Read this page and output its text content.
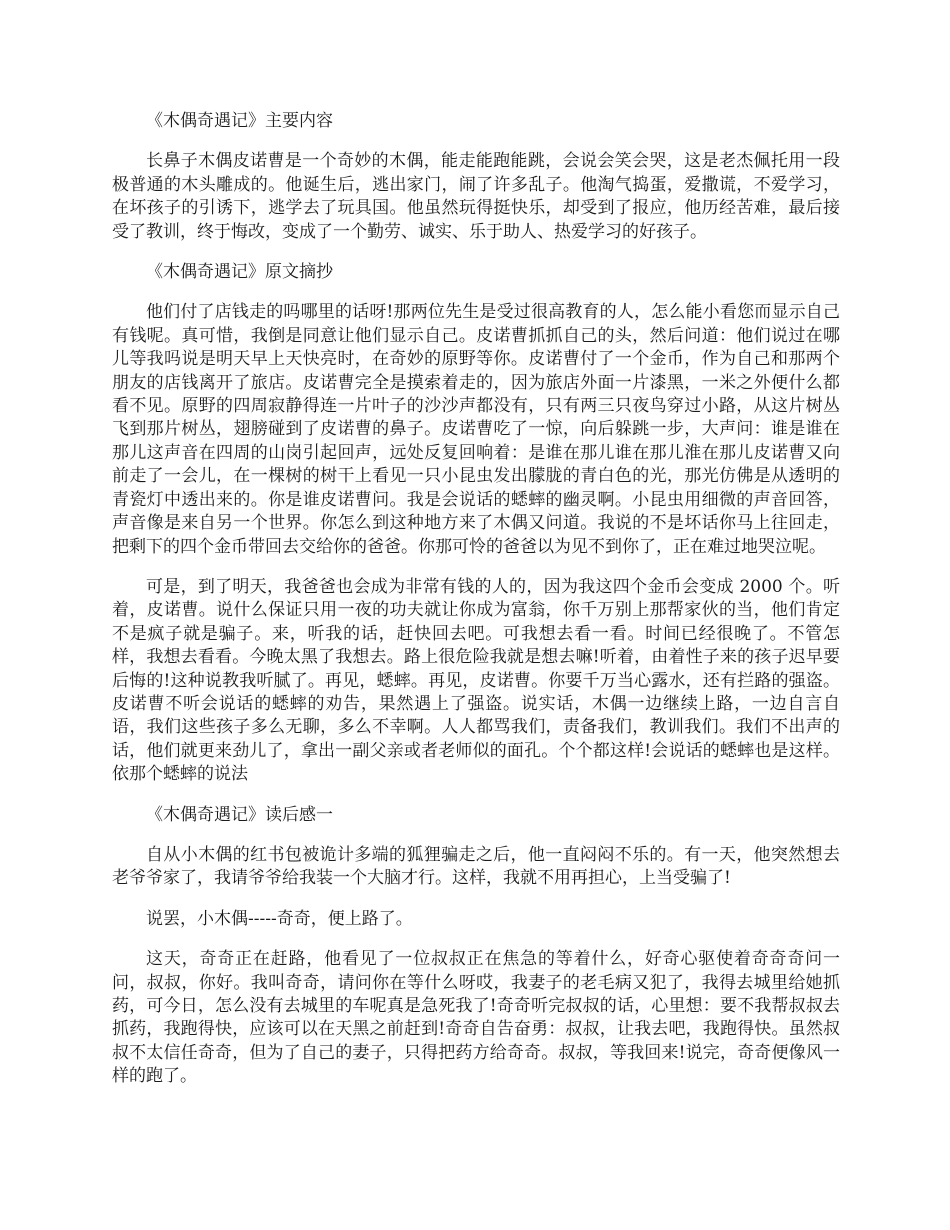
《木偶奇遇记》主要内容

长鼻子木偶皮诺曹是一个奇妙的木偶，能走能跑能跳，会说会笑会哭，这是老杰佩托用一段极普通的木头雕成的。他诞生后，逃出家门，闹了许多乱子。他淘气捣蛋，爱撒谎，不爱学习，在坏孩子的引诱下，逃学去了玩具国。他虽然玩得挺快乐，却受到了报应，他历经苦难，最后接受了教训，终于悔改，变成了一个勤劳、诚实、乐于助人、热爱学习的好孩子。

《木偶奇遇记》原文摘抄

他们付了店钱走的吗哪里的话呀!那两位先生是受过很高教育的人，怎么能小看您而显示自己有钱呢。真可惜，我倒是同意让他们显示自己。皮诺曹抓抓自己的头，然后问道：他们说过在哪儿等我吗说是明天早上天快亮时，在奇妙的原野等你。皮诺曹付了一个金币，作为自己和那两个朋友的店钱离开了旅店。皮诺曹完全是摸索着走的，因为旅店外面一片漆黑，一米之外便什么都看不见。原野的四周寂静得连一片叶子的沙沙声都没有，只有两三只夜鸟穿过小路，从这片树丛飞到那片树丛，翅膀碰到了皮诺曹的鼻子。皮诺曹吃了一惊，向后躲跳一步，大声问：谁是谁在那儿这声音在四周的山岗引起回声，远处反复回响着：是谁在那儿谁在那儿淮在那儿皮诺曹又向前走了一会儿，在一棵树的树干上看见一只小昆虫发出朦胧的青白色的光，那光仿佛是从透明的青瓷灯中透出来的。你是谁皮诺曹问。我是会说话的蟋蟀的幽灵啊。小昆虫用细微的声音回答，声音像是来自另一个世界。你怎么到这种地方来了木偶又问道。我说的不是坏话你马上往回走，把剩下的四个金币带回去交给你的爸爸。你那可怜的爸爸以为见不到你了，正在难过地哭泣呢。

可是，到了明天，我爸爸也会成为非常有钱的人的，因为我这四个金币会变成 2000 个。听着，皮诺曹。说什么保证只用一夜的功夫就让你成为富翁，你千万别上那帮家伙的当，他们肯定不是疯子就是骗子。来，听我的话，赶快回去吧。可我想去看一看。时间已经很晚了。不管怎样，我想去看看。今晚太黑了我想去。路上很危险我就是想去嘛!听着，由着性子来的孩子迟早要后悔的!这种说教我听腻了。再见，蟋蟀。再见，皮诺曹。你要千万当心露水，还有拦路的强盗。皮诺曹不听会说话的蟋蟀的劝告，果然遇上了强盗。说实话，木偶一边继续上路，一边自言自语，我们这些孩子多么无聊，多么不幸啊。人人都骂我们，责备我们，教训我们。我们不出声的话，他们就更来劲儿了，拿出一副父亲或者老师似的面孔。个个都这样!会说话的蟋蟀也是这样。依那个蟋蟀的说法

《木偶奇遇记》读后感一

自从小木偶的红书包被诡计多端的狐狸骗走之后，他一直闷闷不乐的。有一天，他突然想去老爷爷家了，我请爷爷给我装一个大脑才行。这样，我就不用再担心，上当受骗了!

说罢，小木偶-----奇奇，便上路了。

这天，奇奇正在赶路，他看见了一位叔叔正在焦急的等着什么，好奇心驱使着奇奇奇问一问，叔叔，你好。我叫奇奇，请问你在等什么呀哎，我妻子的老毛病又犯了，我得去城里给她抓药，可今日，怎么没有去城里的车呢真是急死我了!奇奇听完叔叔的话，心里想：要不我帮叔叔去抓药，我跑得快，应该可以在天黑之前赶到!奇奇自告奋勇：叔叔，让我去吧，我跑得快。虽然叔叔不太信任奇奇，但为了自己的妻子，只得把药方给奇奇。叔叔，等我回来!说完，奇奇便像风一样的跑了。
